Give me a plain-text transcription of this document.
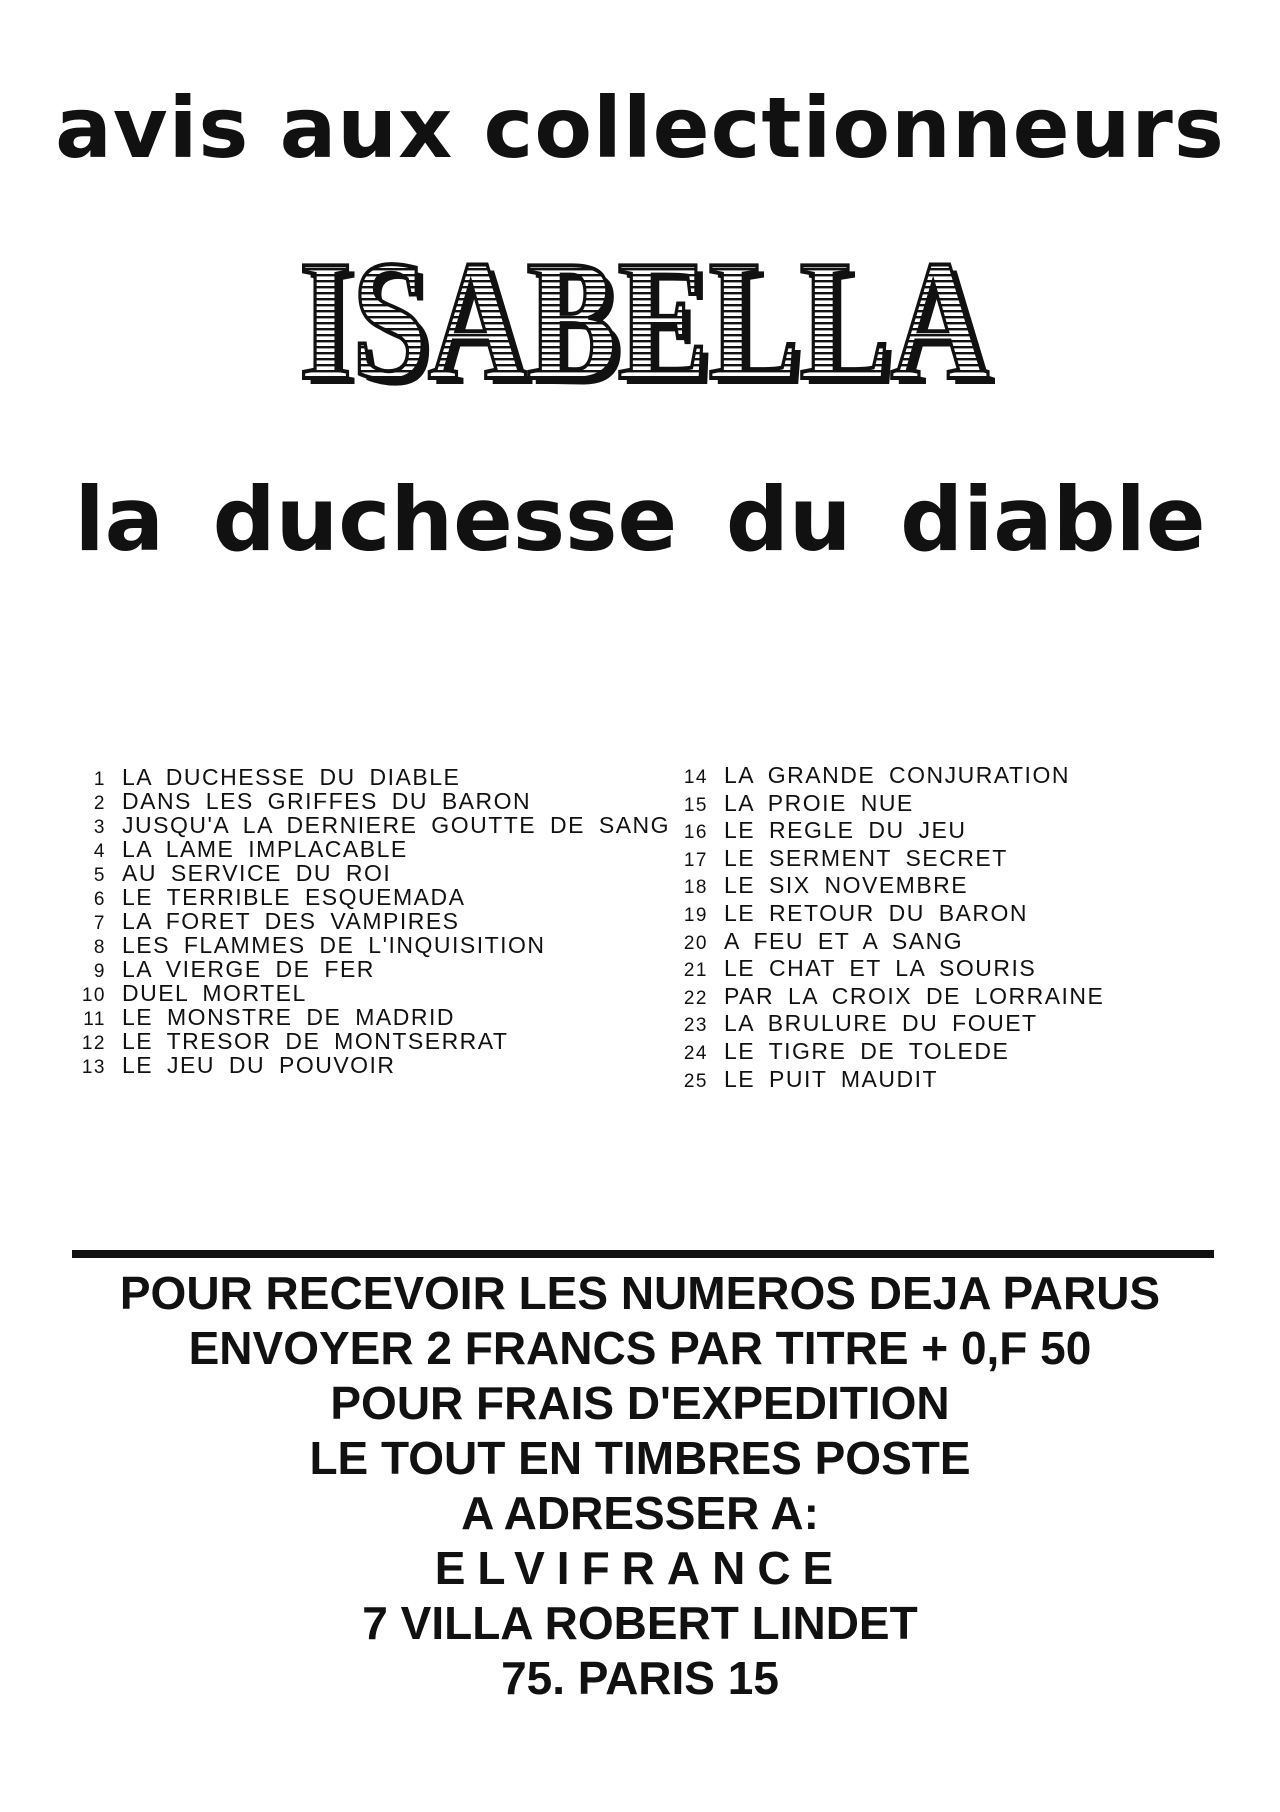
avis aux collectionneurs
ISABELLA
ISABELLA
la duchesse du diable
1 LA DUCHESSE DU DIABLE
2 DANS LES GRIFFES DU BARON
3 JUSQU'A LA DERNIERE GOUTTE DE SANG
4 LA LAME IMPLACABLE
5 AU SERVICE DU ROI
6 LE TERRIBLE ESQUEMADA
7 LA FORET DES VAMPIRES
8 LES FLAMMES DE L'INQUISITION
9 LA VIERGE DE FER
10 DUEL MORTEL
11 LE MONSTRE DE MADRID
12 LE TRESOR DE MONTSERRAT
13 LE JEU DU POUVOIR
14 LA GRANDE CONJURATION
15 LA PROIE NUE
16 LE REGLE DU JEU
17 LE SERMENT SECRET
18 LE SIX NOVEMBRE
19 LE RETOUR DU BARON
20 A FEU ET A SANG
21 LE CHAT ET LA SOURIS
22 PAR LA CROIX DE LORRAINE
23 LA BRULURE DU FOUET
24 LE TIGRE DE TOLEDE
25 LE PUIT MAUDIT
POUR RECEVOIR LES NUMEROS DEJA PARUS
ENVOYER 2 FRANCS PAR TITRE + 0,F 50
POUR FRAIS D'EXPEDITION
LE TOUT EN TIMBRES POSTE
A ADRESSER A:
ELVIFRANCE
7 VILLA ROBERT LINDET
75. PARIS 15
